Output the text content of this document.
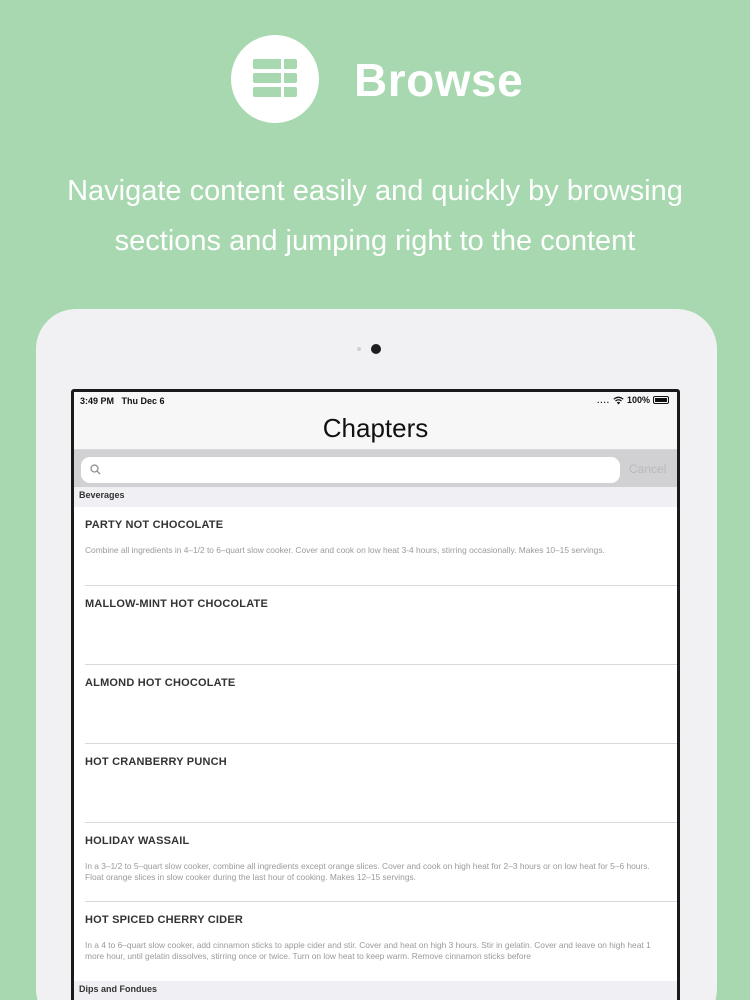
Browse
Navigate content easily and quickly by browsing sections and jumping right to the content
3:49 PM Thu Dec 6	.... 100%
Chapters
Cancel
Beverages
PARTY NOT CHOCOLATE
Combine all ingredients in 4–1/2 to 6–quart slow cooker. Cover and cook on low heat 3-4 hours, stirring occasionally. Makes 10–15 servings.
MALLOW-MINT HOT CHOCOLATE
ALMOND HOT CHOCOLATE
HOT CRANBERRY PUNCH
HOLIDAY WASSAIL
In a 3–1/2 to 5–quart slow cooker, combine all ingredients except orange slices. Cover and cook on high heat for 2–3 hours or on low heat for 5–6 hours. Float orange slices in slow cooker during the last hour of cooking. Makes 12–15 servings.
HOT SPICED CHERRY CIDER
In a 4 to 6–quart slow cooker, add cinnamon sticks to apple cider and stir. Cover and heat on high 3 hours. Stir in gelatin. Cover and leave on high heat 1 more hour, until gelatin dissolves, stirring once or twice. Turn on low heat to keep warm. Remove cinnamon sticks before
Dips and Fondues
